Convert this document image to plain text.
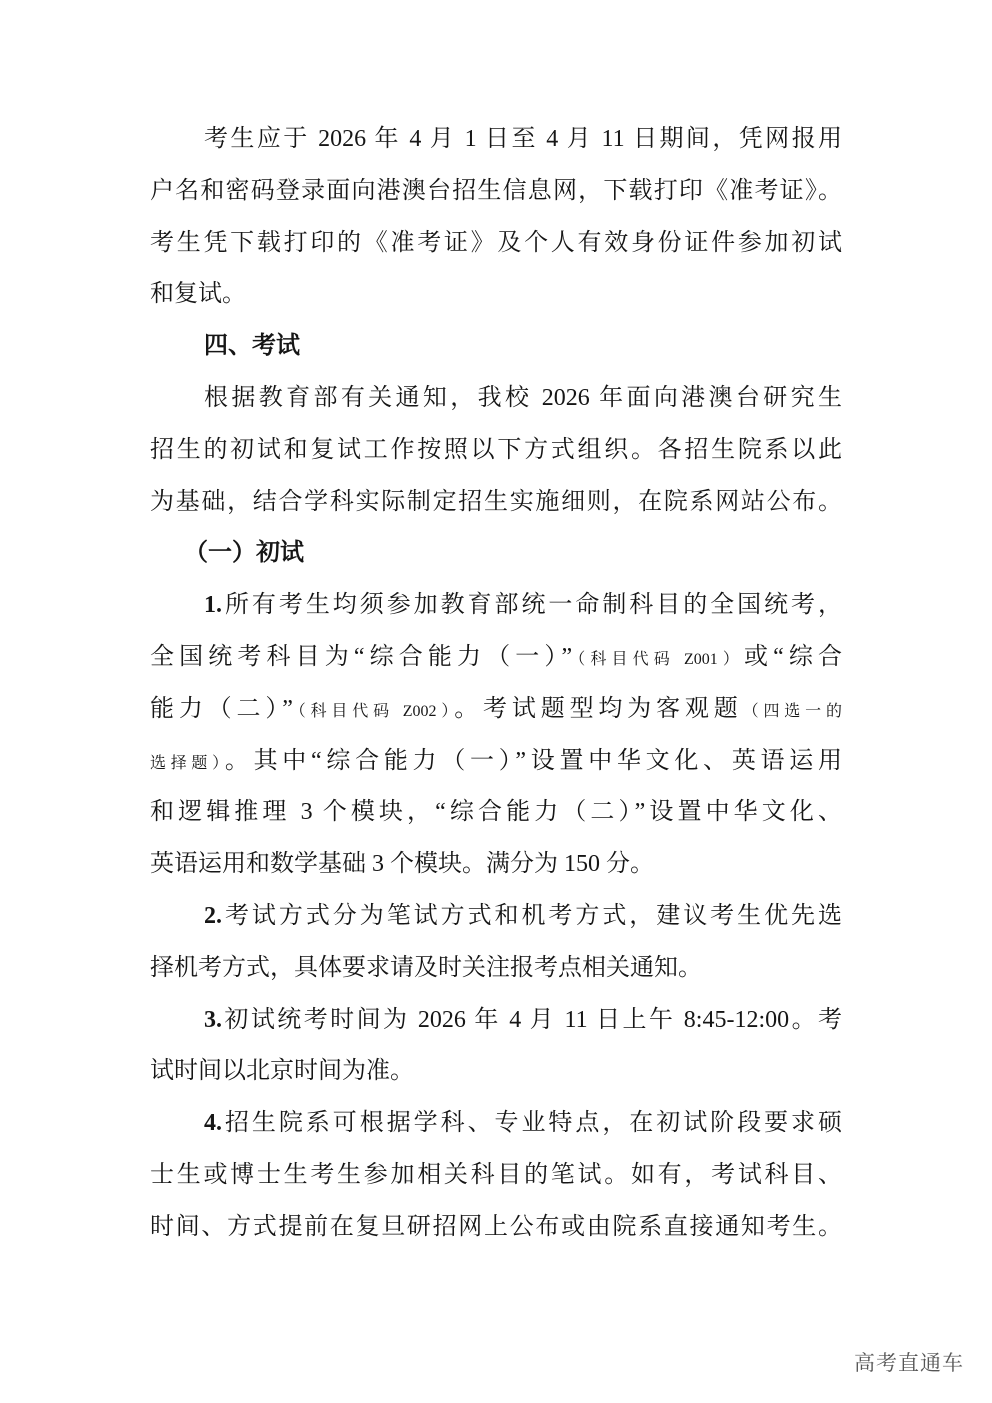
考生应于 2026 年 4 月 1 日至 4 月 11 日期间，凭网报用
户名和密码登录面向港澳台招生信息网，下载打印《准考证》。
考生凭下载打印的《准考证》及个人有效身份证件参加初试
和复试。
四、考试
根据教育部有关通知，我校 2026 年面向港澳台研究生
招生的初试和复试工作按照以下方式组织。各招生院系以此
为基础，结合学科实际制定招生实施细则，在院系网站公布。
（一）初试
1.所有考生均须参加教育部统一命制科目的全国统考，
全国统考科目为“综合能力（一）”（科目代码 Z001）或“综合
能力（二）”（科目代码 Z002）。考试题型均为客观题（四选一的
选择题）。其中“综合能力（一）”设置中华文化、英语运用
和逻辑推理 3 个模块，“综合能力（二）”设置中华文化、
英语运用和数学基础 3 个模块。满分为 150 分。
2.考试方式分为笔试方式和机考方式，建议考生优先选
择机考方式，具体要求请及时关注报考点相关通知。
3.初试统考时间为 2026 年 4 月 11 日上午 8:45-12:00。考
试时间以北京时间为准。
4.招生院系可根据学科、专业特点，在初试阶段要求硕
士生或博士生考生参加相关科目的笔试。如有，考试科目、
时间、方式提前在复旦研招网上公布或由院系直接通知考生。
高考直通车
